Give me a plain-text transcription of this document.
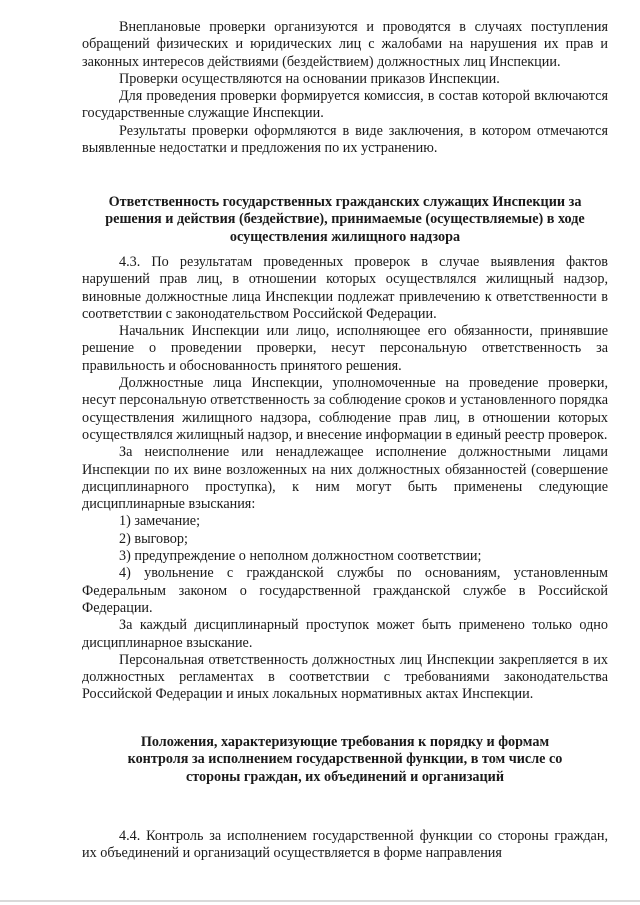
Внеплановые проверки организуются и проводятся в случаях поступления обращений физических и юридических лиц с жалобами на нарушения их прав и законных интересов действиями (бездействием) должностных лиц Инспекции.

Проверки осуществляются на основании приказов Инспекции.

Для проведения проверки формируется комиссия, в состав которой включаются государственные служащие Инспекции.

Результаты проверки оформляются в виде заключения, в котором отмечаются выявленные недостатки и предложения по их устранению.

Ответственность государственных гражданских служащих Инспекции за решения и действия (бездействие), принимаемые (осуществляемые) в ходе осуществления жилищного надзора

4.3. По результатам проведенных проверок в случае выявления фактов нарушений прав лиц, в отношении которых осуществлялся жилищный надзор, виновные должностные лица Инспекции подлежат привлечению к ответственности в соответствии с законодательством Российской Федерации.

Начальник Инспекции или лицо, исполняющее его обязанности, принявшие решение о проведении проверки, несут персональную ответственность за правильность и обоснованность принятого решения.

Должностные лица Инспекции, уполномоченные на проведение проверки, несут персональную ответственность за соблюдение сроков и установленного порядка осуществления жилищного надзора, соблюдение прав лиц, в отношении которых осуществлялся жилищный надзор, и внесение информации в единый реестр проверок.

За неисполнение или ненадлежащее исполнение должностными лицами Инспекции по их вине возложенных на них должностных обязанностей (совершение дисциплинарного проступка), к ним могут быть применены следующие дисциплинарные взыскания:

1) замечание;

2) выговор;

3) предупреждение о неполном должностном соответствии;

4) увольнение с гражданской службы по основаниям, установленным Федеральным законом о государственной гражданской службе в Российской Федерации.

За каждый дисциплинарный проступок может быть применено только одно дисциплинарное взыскание.

Персональная ответственность должностных лиц Инспекции закрепляется в их должностных регламентах в соответствии с требованиями законодательства Российской Федерации и иных локальных нормативных актах Инспекции.

Положения, характеризующие требования к порядку и формам контроля за исполнением государственной функции, в том числе со стороны граждан, их объединений и организаций

4.4. Контроль за исполнением государственной функции со стороны граждан, их объединений и организаций осуществляется в форме направления
